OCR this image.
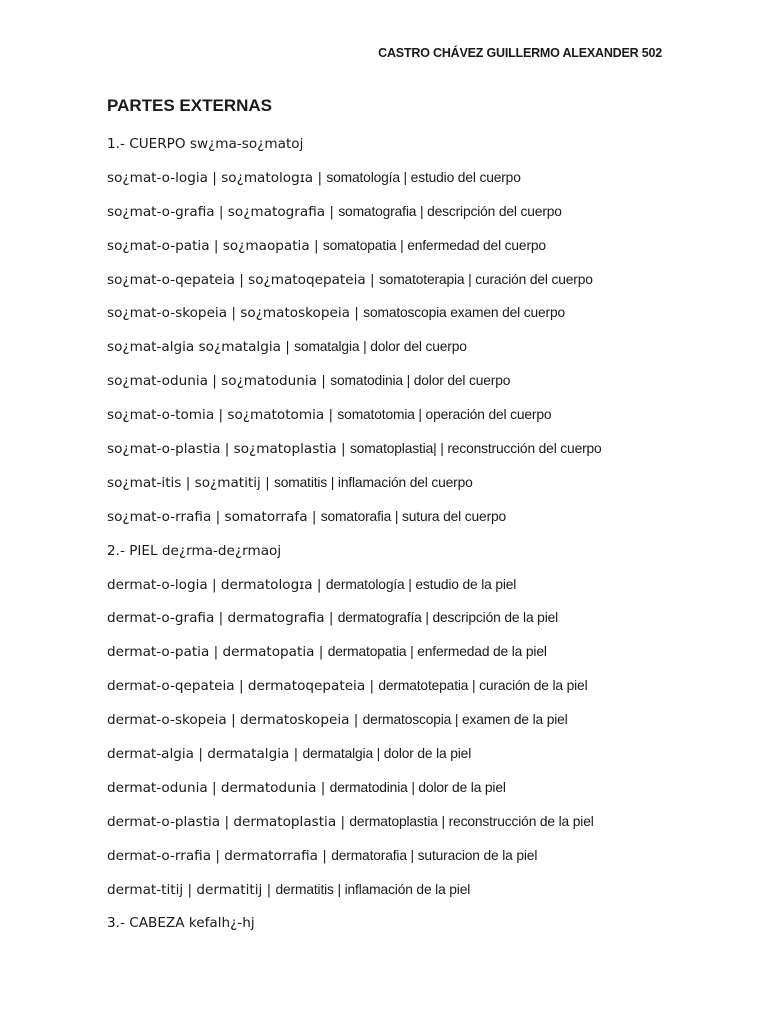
CASTRO CHÁVEZ GUILLERMO ALEXANDER 502
PARTES EXTERNAS
1.- CUERPO sw¿ma-so¿matoj
so¿mat-o-logia | so¿matologɪa | somatología | estudio del cuerpo
so¿mat-o-grafia | so¿matografia | somatografia | descripción del cuerpo
so¿mat-o-patia | so¿maopatia | somatopatia | enfermedad del cuerpo
so¿mat-o-qepateia | so¿matoqepateia | somatoterapia | curación del cuerpo
so¿mat-o-skopeia | so¿matoskopeia | somatoscopia examen del cuerpo
so¿mat-algia so¿matalgia | somatalgia | dolor del cuerpo
so¿mat-odunia | so¿matodunia | somatodinia | dolor del cuerpo
so¿mat-o-tomia | so¿matotomia | somatotomia | operación del cuerpo
so¿mat-o-plastia | so¿matoplastia | somatoplastia| | reconstrucción del cuerpo
so¿mat-itis | so¿matitij | somatitis | inflamación del cuerpo
so¿mat-o-rrafia | somatorrafa | somatorafia | sutura del cuerpo
2.- PIEL de¿rma-de¿rmaoj
dermat-o-logia | dermatologɪa | dermatología | estudio de la piel
dermat-o-grafia | dermatografia | dermatografía | descripción de la piel
dermat-o-patia | dermatopatia | dermatopatia | enfermedad de la piel
dermat-o-qepateia | dermatoqepateia | dermatotepatia | curación de la piel
dermat-o-skopeia | dermatoskopeia | dermatoscopia | examen de la piel
dermat-algia | dermatalgia | dermatalgia | dolor de la piel
dermat-odunia | dermatodunia | dermatodinia | dolor de la piel
dermat-o-plastia | dermatoplastia | dermatoplastia | reconstrucción de la piel
dermat-o-rrafia | dermatorrafia | dermatorafia | suturacion de la piel
dermat-titij | dermatitij | dermatitis | inflamación de la piel
3.- CABEZA kefalh¿-hj
